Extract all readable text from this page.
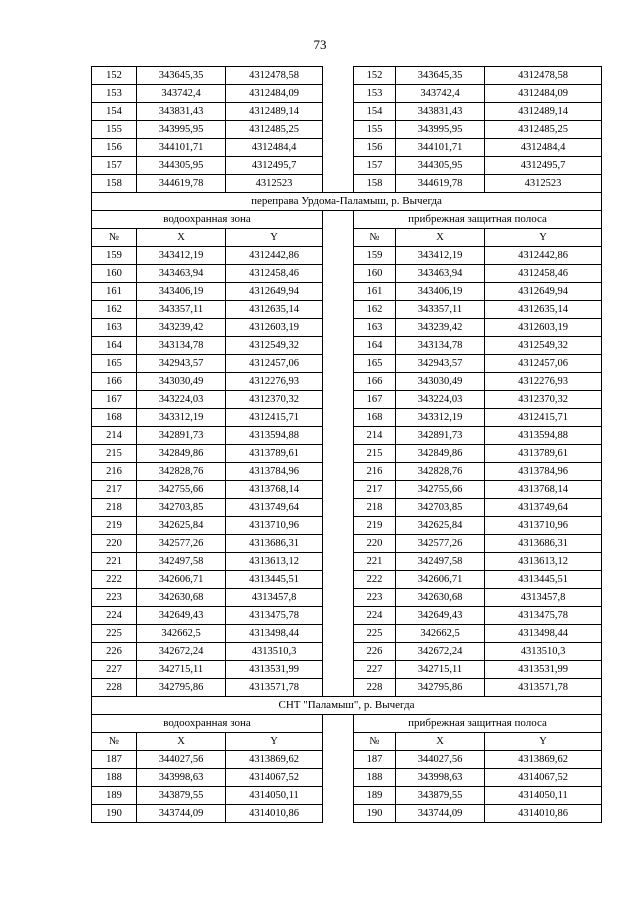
73
152	343645,35	4312478,58		152	343645,35	4312478,58
153	343742,4	4312484,09		153	343742,4	4312484,09
154	343831,43	4312489,14		154	343831,43	4312489,14
155	343995,95	4312485,25		155	343995,95	4312485,25
156	344101,71	4312484,4		156	344101,71	4312484,4
157	344305,95	4312495,7		157	344305,95	4312495,7
158	344619,78	4312523		158	344619,78	4312523
переправа Урдома-Паламыш, р. Вычегда						
водоохранная зона				прибрежная защитная полоса		
№	X	Y		№	X	Y
159	343412,19	4312442,86		159	343412,19	4312442,86
160	343463,94	4312458,46		160	343463,94	4312458,46
161	343406,19	4312649,94		161	343406,19	4312649,94
162	343357,11	4312635,14		162	343357,11	4312635,14
163	343239,42	4312603,19		163	343239,42	4312603,19
164	343134,78	4312549,32		164	343134,78	4312549,32
165	342943,57	4312457,06		165	342943,57	4312457,06
166	343030,49	4312276,93		166	343030,49	4312276,93
167	343224,03	4312370,32		167	343224,03	4312370,32
168	343312,19	4312415,71		168	343312,19	4312415,71
214	342891,73	4313594,88		214	342891,73	4313594,88
215	342849,86	4313789,61		215	342849,86	4313789,61
216	342828,76	4313784,96		216	342828,76	4313784,96
217	342755,66	4313768,14		217	342755,66	4313768,14
218	342703,85	4313749,64		218	342703,85	4313749,64
219	342625,84	4313710,96		219	342625,84	4313710,96
220	342577,26	4313686,31		220	342577,26	4313686,31
221	342497,58	4313613,12		221	342497,58	4313613,12
222	342606,71	4313445,51		222	342606,71	4313445,51
223	342630,68	4313457,8		223	342630,68	4313457,8
224	342649,43	4313475,78		224	342649,43	4313475,78
225	342662,5	4313498,44		225	342662,5	4313498,44
226	342672,24	4313510,3		226	342672,24	4313510,3
227	342715,11	4313531,99		227	342715,11	4313531,99
228	342795,86	4313571,78		228	342795,86	4313571,78
СНТ "Паламыш", р. Вычегда						
водоохранная зона				прибрежная защитная полоса		
№	X	Y		№	X	Y
187	344027,56	4313869,62		187	344027,56	4313869,62
188	343998,63	4314067,52		188	343998,63	4314067,52
189	343879,55	4314050,11		189	343879,55	4314050,11
190	343744,09	4314010,86		190	343744,09	4314010,86
